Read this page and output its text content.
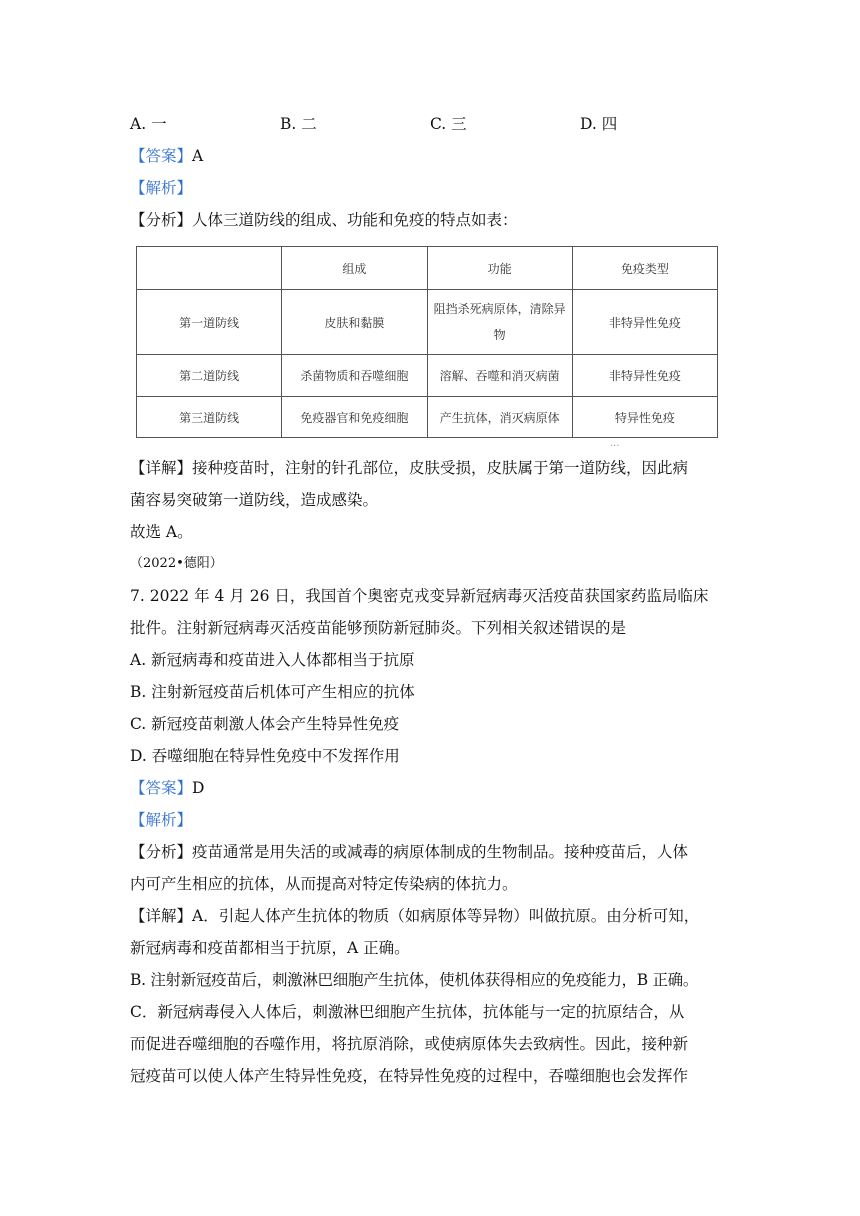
A. 一	B. 二	C. 三	D. 四
【答案】A
【解析】
【分析】人体三道防线的组成、功能和免疫的特点如表：
	组成	功能	免疫类型
第一道防线	皮肤和黏膜	阻挡杀死病原体，清除异物	非特异性免疫
第二道防线	杀菌物质和吞噬细胞	溶解、吞噬和消灭病菌	非特异性免疫
第三道防线	免疫器官和免疫细胞	产生抗体，消灭病原体	特异性免疫
···
【详解】接种疫苗时，注射的针孔部位，皮肤受损，皮肤属于第一道防线，因此病
菌容易突破第一道防线，造成感染。
故选 A。
（2022•德阳）
7. 2022 年 4 月 26 日，我国首个奥密克戎变异新冠病毒灭活疫苗获国家药监局临床
批件。注射新冠病毒灭活疫苗能够预防新冠肺炎。下列相关叙述错误的是
A. 新冠病毒和疫苗进入人体都相当于抗原
B. 注射新冠疫苗后机体可产生相应的抗体
C. 新冠疫苗刺激人体会产生特异性免疫
D. 吞噬细胞在特异性免疫中不发挥作用
【答案】D
【解析】
【分析】疫苗通常是用失活的或减毒的病原体制成的生物制品。接种疫苗后，人体
内可产生相应的抗体，从而提高对特定传染病的体抗力。
【详解】A．引起人体产生抗体的物质（如病原体等异物）叫做抗原。由分析可知，
新冠病毒和疫苗都相当于抗原，A 正确。
B. 注射新冠疫苗后，刺激淋巴细胞产生抗体，使机体获得相应的免疫能力，B 正确。
C．新冠病毒侵入人体后，刺激淋巴细胞产生抗体，抗体能与一定的抗原结合，从
而促进吞噬细胞的吞噬作用，将抗原消除，或使病原体失去致病性。因此，接种新
冠疫苗可以使人体产生特异性免疫，在特异性免疫的过程中，吞噬细胞也会发挥作
